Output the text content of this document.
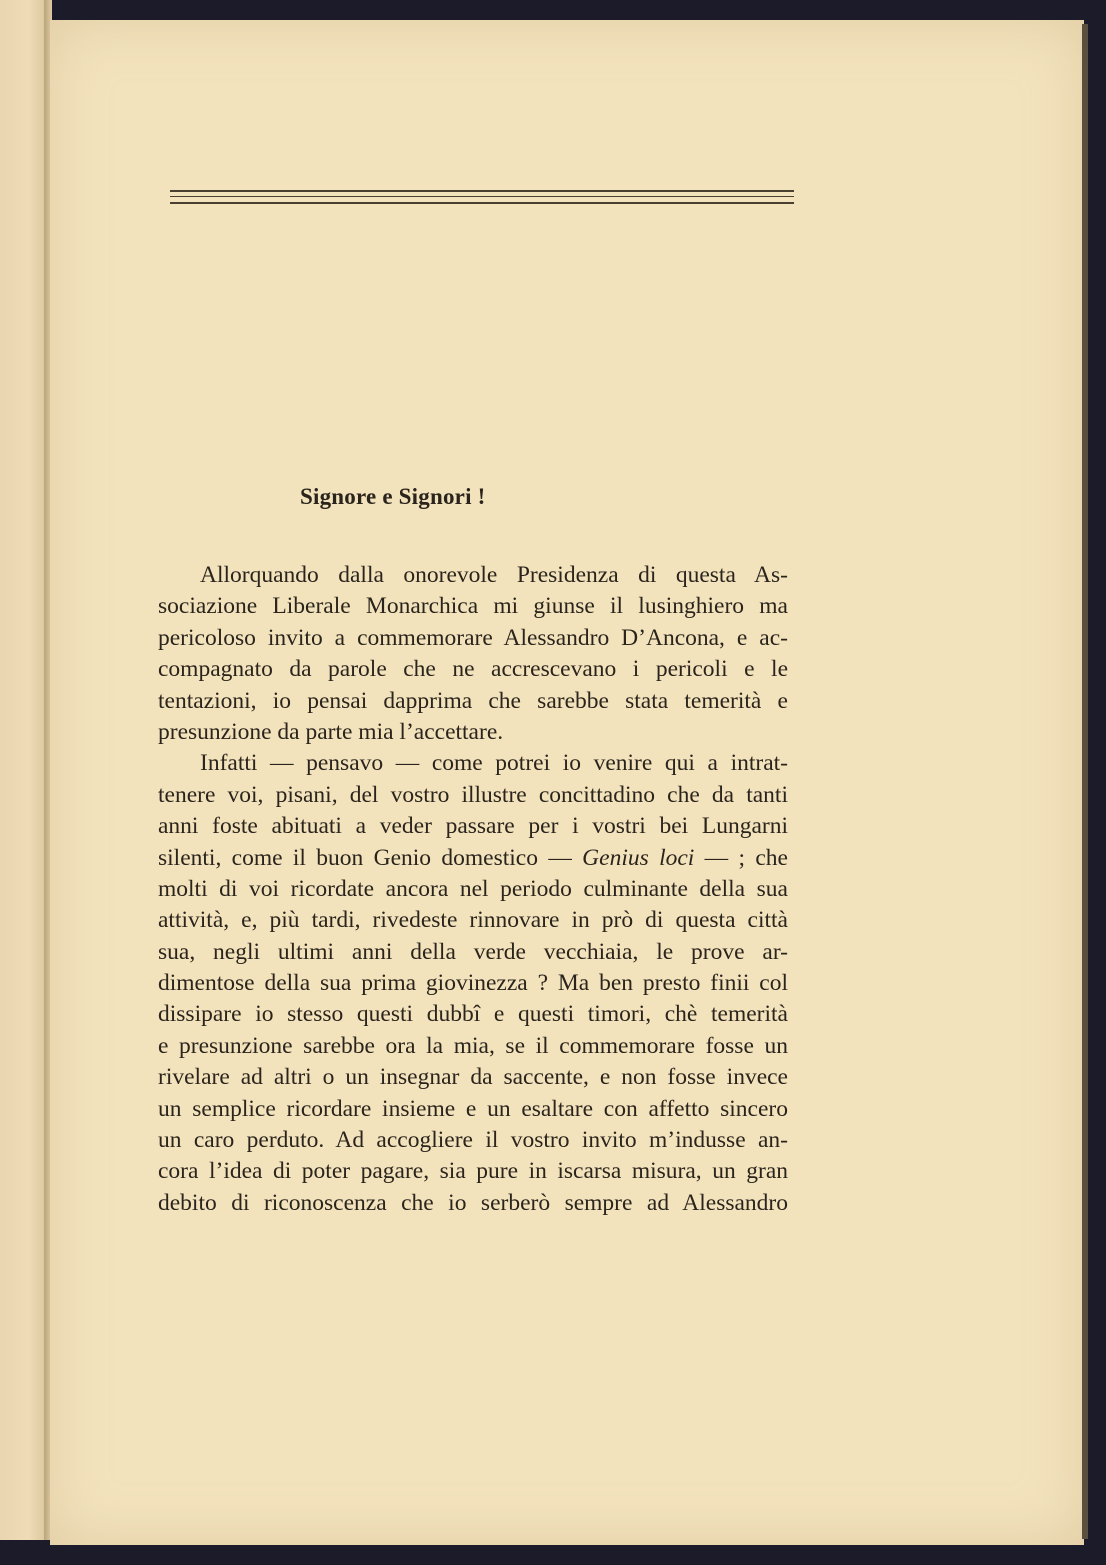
Signore e Signori !
Allorquando dalla onorevole Presidenza di questa As-
sociazione Liberale Monarchica mi giunse il lusinghiero ma
pericoloso invito a commemorare Alessandro D’Ancona, e ac-
compagnato da parole che ne accrescevano i pericoli e le
tentazioni, io pensai dapprima che sarebbe stata temerità e
presunzione da parte mia l’accettare.
Infatti — pensavo — come potrei io venire qui a intrat-
tenere voi, pisani, del vostro illustre concittadino che da tanti
anni foste abituati a veder passare per i vostri bei Lungarni
silenti, come il buon Genio domestico — Genius loci — ; che
molti di voi ricordate ancora nel periodo culminante della sua
attività, e, più tardi, rivedeste rinnovare in prò di questa città
sua, negli ultimi anni della verde vecchiaia, le prove ar-
dimentose della sua prima giovinezza ? Ma ben presto finii col
dissipare io stesso questi dubbî e questi timori, chè temerità
e presunzione sarebbe ora la mia, se il commemorare fosse un
rivelare ad altri o un insegnar da saccente, e non fosse invece
un semplice ricordare insieme e un esaltare con affetto sincero
un caro perduto. Ad accogliere il vostro invito m’indusse an-
cora l’idea di poter pagare, sia pure in iscarsa misura, un gran
debito di riconoscenza che io serberò sempre ad Alessandro
